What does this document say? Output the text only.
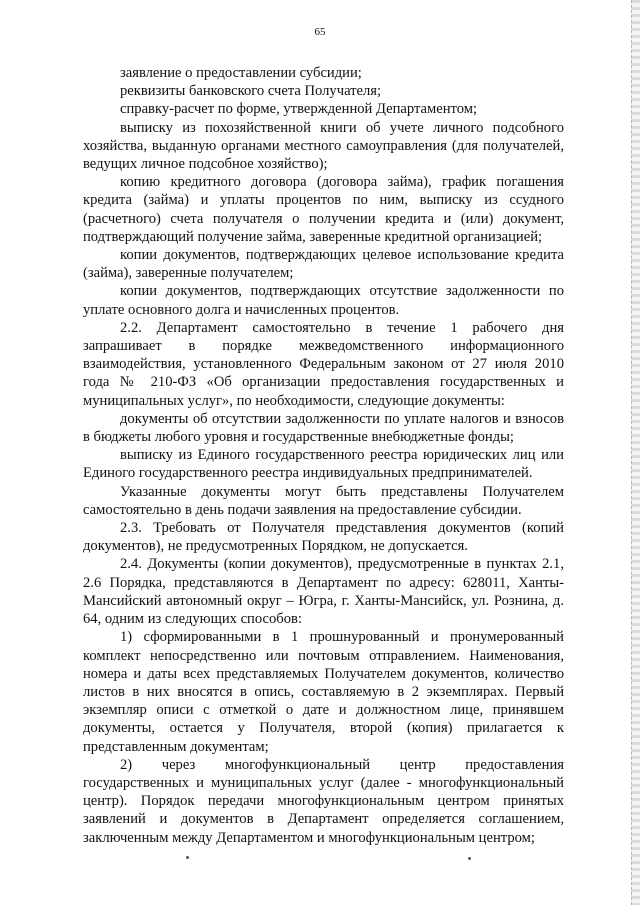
65

заявление о предоставлении субсидии;

реквизиты банковского счета Получателя;

справку-расчет по форме, утвержденной Департаментом;

выписку из похозяйственной книги об учете личного подсобного хозяйства, выданную органами местного самоуправления (для получателей, ведущих личное подсобное хозяйство);

копию кредитного договора (договора займа), график погашения кредита (займа) и уплаты процентов по ним, выписку из ссудного (расчетного) счета получателя о получении кредита и (или) документ, подтверждающий получение займа, заверенные кредитной организацией;

копии документов, подтверждающих целевое использование кредита (займа), заверенные получателем;

копии документов, подтверждающих отсутствие задолженности по уплате основного долга и начисленных процентов.

2.2. Департамент самостоятельно в течение 1 рабочего дня запрашивает в порядке межведомственного информационного взаимодействия, установленного Федеральным законом от 27 июля 2010 года № 210-ФЗ «Об организации предоставления государственных и муниципальных услуг», по необходимости, следующие документы:

документы об отсутствии задолженности по уплате налогов и взносов в бюджеты любого уровня и государственные внебюджетные фонды;

выписку из Единого государственного реестра юридических лиц или Единого государственного реестра индивидуальных предпринимателей.

Указанные документы могут быть представлены Получателем самостоятельно в день подачи заявления на предоставление субсидии.

2.3. Требовать от Получателя представления документов (копий документов), не предусмотренных Порядком, не допускается.

2.4. Документы (копии документов), предусмотренные в пунктах 2.1, 2.6 Порядка, представляются в Департамент по адресу: 628011, Ханты-Мансийский автономный округ – Югра, г. Ханты-Мансийск, ул. Рознина, д. 64, одним из следующих способов:

1) сформированными в 1 прошнурованный и пронумерованный комплект непосредственно или почтовым отправлением. Наименования, номера и даты всех представляемых Получателем документов, количество листов в них вносятся в опись, составляемую в 2 экземплярах. Первый экземпляр описи с отметкой о дате и должностном лице, принявшем документы, остается у Получателя, второй (копия) прилагается к представленным документам;

2) через многофункциональный центр предоставления государственных и муниципальных услуг (далее - многофункциональный центр). Порядок передачи многофункциональным центром принятых заявлений и документов в Департамент определяется соглашением, заключенным между Департаментом и многофункциональным центром;
